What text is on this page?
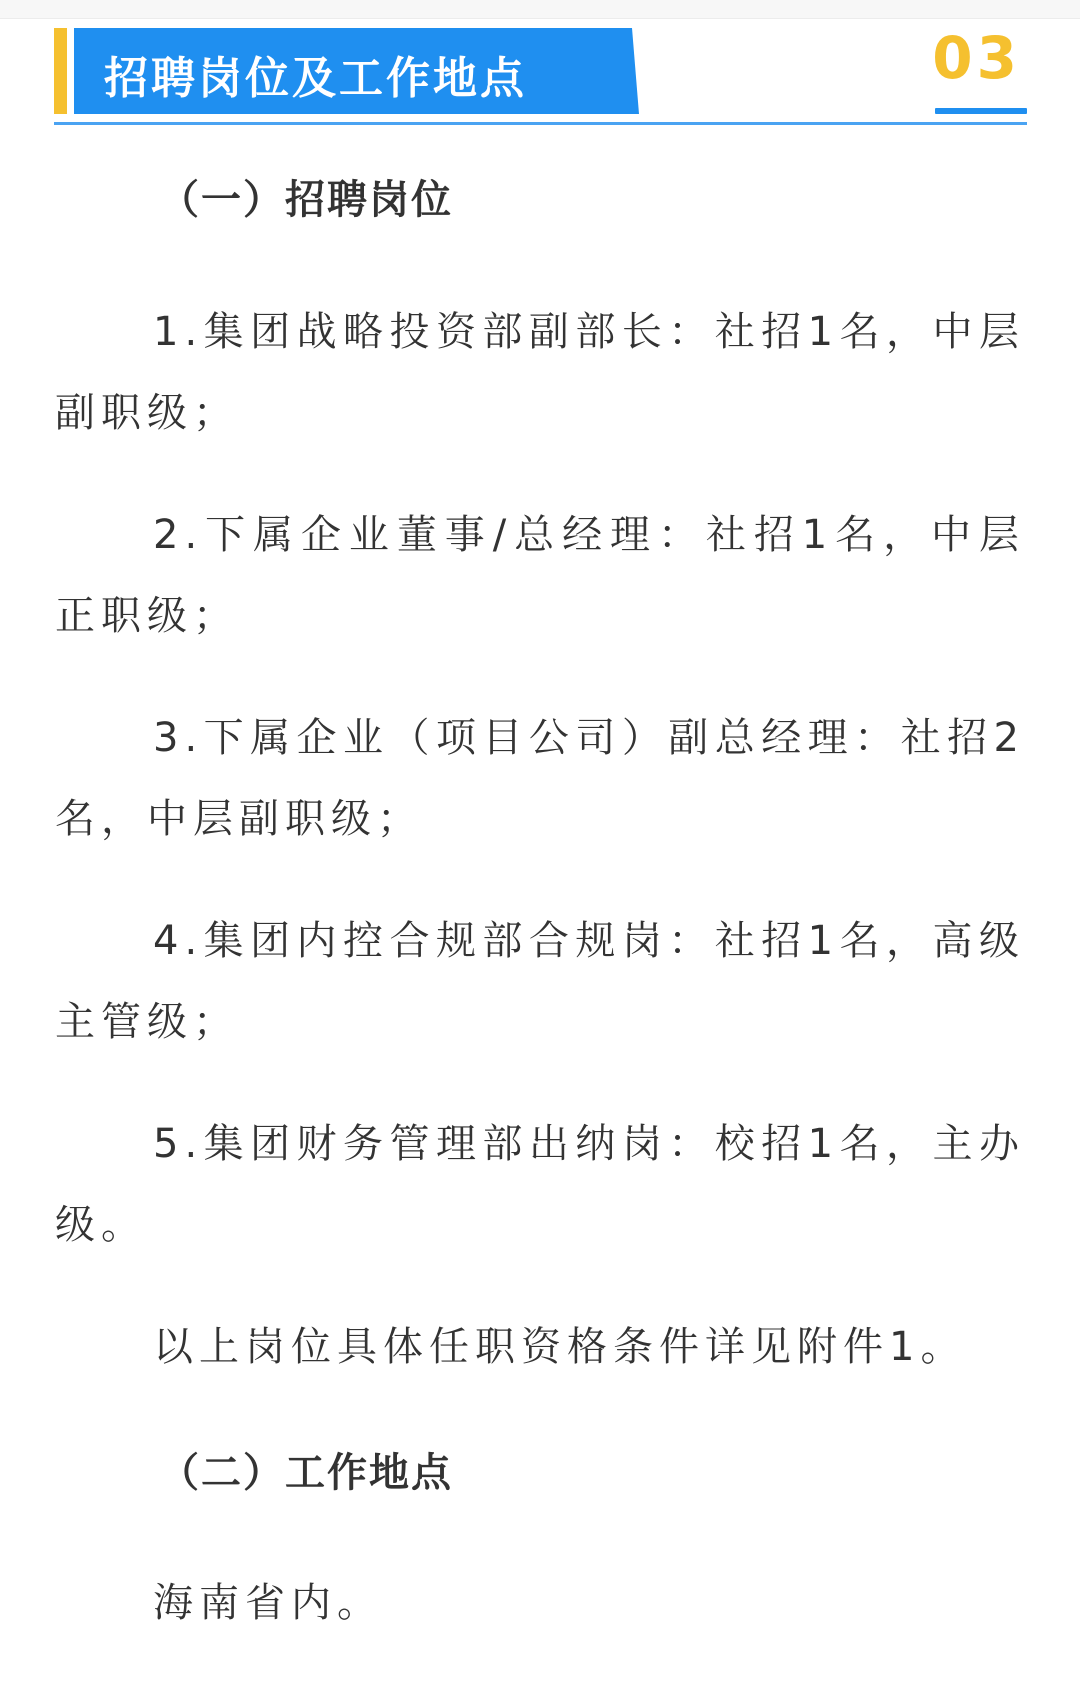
招聘岗位及工作地点	03
（一）招聘岗位

1.集团战略投资部副部长：社招1名，中层副职级；

2.下属企业董事/总经理：社招1名，中层正职级；

3.下属企业（项目公司）副总经理：社招2名，中层副职级；

4.集团内控合规部合规岗：社招1名，高级主管级；

5.集团财务管理部出纳岗：校招1名，主办级。

以上岗位具体任职资格条件详见附件1。

（二）工作地点

海南省内。
